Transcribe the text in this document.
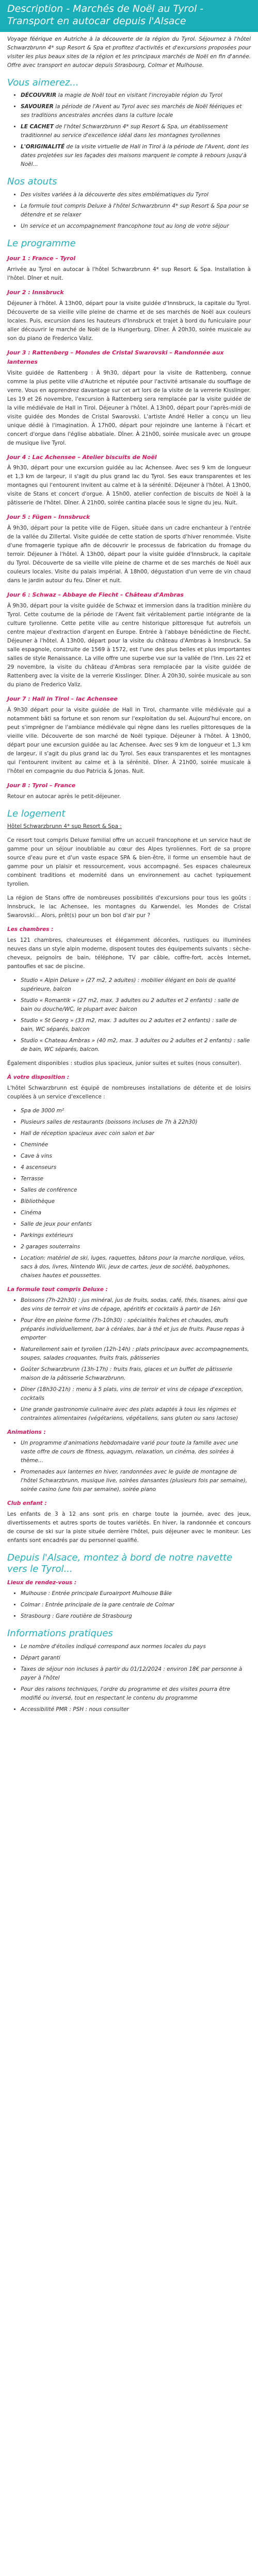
Description - Marchés de Noël au Tyrol - Transport en autocar depuis l'Alsace

Voyage féérique en Autriche à la découverte de la région du Tyrol. Séjournez à l'hôtel Schwarzbrunn 4* sup Resort & Spa et profitez d'activités et d'excursions proposées pour visiter les plus beaux sites de la région et les principaux marchés de Noël en fin d'année. Offre avec transport en autocar depuis Strasbourg, Colmar et Mulhouse.

Vous aimerez...
• DÉCOUVRIR la magie de Noël tout en visitant l'incroyable région du Tyrol
• SAVOURER la période de l'Avent au Tyrol avec ses marchés de Noël féériques et ses traditions ancestrales ancrées dans la culture locale
• LE CACHET de l'hôtel Schwarzbrunn 4* sup Resort & Spa, un établissement traditionnel au service d'excellence idéal dans les montagnes tyroliennes
• L'ORIGINALITÉ de la visite virtuelle de Hall in Tirol à la période de l'Avent, dont les dates projetées sur les façades des maisons marquent le compte à rebours jusqu'à Noël...
Nos atouts
• Des visites variées à la découverte des sites emblématiques du Tyrol
• La formule tout compris Deluxe à l'hôtel Schwarzbrunn 4* sup Resort & Spa pour se détendre et se relaxer
• Un service et un accompagnement francophone tout au long de votre séjour
Le programme
Jour 1 : France – Tyrol

Arrivée au Tyrol en autocar à l'hôtel Schwarzbrunn 4* sup Resort & Spa. Installation à l'hôtel. Dîner et nuit.

Jour 2 : Innsbruck

Déjeuner à l'hôtel. À 13h00, départ pour la visite guidée d'Innsbruck, la capitale du Tyrol. Découverte de sa vieille ville pleine de charme et de ses marchés de Noël aux couleurs locales. Puis, excursion dans les hauteurs d'Innsbruck et trajet à bord du funiculaire pour aller découvrir le marché de Noël de la Hungerburg. Dîner. À 20h30, soirée musicale au son du piano de Frederico Valiz.

Jour 3 : Rattenberg – Mondes de Cristal Swarovski – Randonnée aux lanternes

Visite guidée de Rattenberg : À 9h30, départ pour la visite de Rattenberg, connue comme la plus petite ville d'Autriche et réputée pour l'activité artisanale du soufflage de verre. Vous en apprendrez davantage sur cet art lors de la visite de la verrerie Kisslinger. Les 19 et 26 novembre, l'excursion à Rattenberg sera remplacée par la visite guidée de la ville médiévale de Hall in Tirol. Déjeuner à l'hôtel. À 13h00, départ pour l'après-midi de visite guidée des Mondes de Cristal Swarovski. L'artiste André Heller a conçu un lieu unique dédié à l'imagination. À 17h00, départ pour rejoindre une lanterne à l'écart et concert d'orgue dans l'église abbatiale. Dîner. À 21h00, soirée musicale avec un groupe de musique live Tyrol.

Jour 4 : Lac Achensee – Atelier biscuits de Noël

À 9h30, départ pour une excursion guidée au lac Achensee. Avec ses 9 km de longueur et 1,3 km de largeur, il s'agit du plus grand lac du Tyrol. Ses eaux transparentes et les montagnes qui l'entourent invitent au calme et à la sérénité. Déjeuner à l'hôtel. À 13h00, visite de Stans et concert d'orgue. À 15h00, atelier confection de biscuits de Noël à la pâtisserie de l'hôtel. Dîner. À 21h00, soirée cantina placée sous le signe du jeu. Nuit.

Jour 5 : Fügen – Innsbruck

À 9h30, départ pour la petite ville de Fügen, située dans un cadre enchanteur à l'entrée de la vallée du Zillertal. Visite guidée de cette station de sports d'hiver renommée. Visite d'une fromagerie typique afin de découvrir le processus de fabrication du fromage du terroir. Déjeuner à l'hôtel. À 13h00, départ pour la visite guidée d'Innsbruck, la capitale du Tyrol. Découverte de sa vieille ville pleine de charme et de ses marchés de Noël aux couleurs locales. Visite du palais impérial. À 18h00, dégustation d'un verre de vin chaud dans le jardin autour du feu. Dîner et nuit.

Jour 6 : Schwaz – Abbaye de Fiecht – Château d'Ambras

À 9h30, départ pour la visite guidée de Schwaz et immersion dans la tradition minière du Tyrol. Cette coutume de la période de l'Avent fait véritablement partie intégrante de la culture tyrolienne. Cette petite ville au centre historique pittoresque fut autrefois un centre majeur d'extraction d'argent en Europe. Entrée à l'abbaye bénédictine de Fiecht. Déjeuner à l'hôtel. À 13h00, départ pour la visite du château d'Ambras à Innsbruck. Sa salle espagnole, construite de 1569 à 1572, est l'une des plus belles et plus importantes salles de style Renaissance. La ville offre une superbe vue sur la vallée de l'Inn. Les 22 et 29 novembre, la visite du château d'Ambras sera remplacée par la visite guidée de Rattenberg avec la visite de la verrerie Kisslinger. Dîner. À 20h30, soirée musicale au son du piano de Frederico Valiz.

Jour 7 : Hall in Tirol – lac Achensee

À 9h30 départ pour la visite guidée de Hall in Tirol, charmante ville médiévale qui a notamment bâti sa fortune et son renom sur l'exploitation du sel. Aujourd'hui encore, on peut s'imprégner de l'ambiance médiévale qui règne dans les ruelles pittoresques de la vieille ville. Découverte de son marché de Noël typique. Déjeuner à l'hôtel. À 13h00, départ pour une excursion guidée au lac Achensee. Avec ses 9 km de longueur et 1,3 km de largeur, il s'agit du plus grand lac du Tyrol. Ses eaux transparentes et les montagnes qui l'entourent invitent au calme et à la sérénité. Dîner. À 21h00, soirée musicale à l'hôtel en compagnie du duo Patricia & Jonas. Nuit.

Jour 8 : Tyrol – France

Retour en autocar après le petit-déjeuner.

Le logement

Hôtel Schwarzbrunn 4* sup Resort & Spa :

Ce resort tout compris Deluxe familial offre un accueil francophone et un service haut de gamme pour un séjour inoubliable au cœur des Alpes tyroliennes. Fort de sa propre source d'eau pure et d'un vaste espace SPA & bien-être, il forme un ensemble haut de gamme pour un plaisir et ressourcement, vous accompagné. Ses espaces chaleureux combinent traditions et modernité dans un environnement au cachet typiquement tyrolien.

La région de Stans offre de nombreuses possibilités d'excursions pour tous les goûts : Innsbruck, le lac Achensee, les montagnes du Karwendel, les Mondes de Cristal Swarovski... Alors, prêt(s) pour un bon bol d'air pur ?

Les chambres :

Les 121 chambres, chaleureuses et élégamment décorées, rustiques ou illuminées neuves dans un style alpin moderne, disposent toutes des équipements suivants : sèche-cheveux, peignoirs de bain, téléphone, TV par câble, coffre-fort, accès Internet, pantoufles et sac de piscine.

• Studio « Alpin Deluxe » (27 m2, 2 adultes) : mobilier élégant en bois de qualité supérieure, balcon
• Studio « Romantik » (27 m2, max. 3 adultes ou 2 adultes et 2 enfants) : salle de bain ou douche/WC, le plupart avec balcon
• Studio « St Georg » (33 m2, max. 3 adultes ou 2 adultes et 2 enfants) : salle de bain, WC séparés, balcon
• Studio « Chateau Ambras » (40 m2, max. 3 adultes ou 2 adultes et 2 enfants) : salle de bain, WC séparés, balcon.

Également disponibles : studios plus spacieux, junior suites et suites (nous consulter).

À votre disposition :

L'hôtel Schwarzbrunn est équipé de nombreuses installations de détente et de loisirs couplées à un service d'excellence :

• Spa de 3000 m²
• Plusieurs salles de restaurants (boissons incluses de 7h à 22h30)
• Hall de réception spacieux avec coin salon et bar
• Cheminée
• Cave à vins
• 4 ascenseurs
• Terrasse
• Salles de conférence
• Bibliothèque
• Cinéma
• Salle de jeux pour enfants
• Parkings extérieurs
• 2 garages souterrains
• Location: matériel de ski, luges, raquettes, bâtons pour la marche nordique, vélos, sacs à dos, livres, Nintendo Wii, jeux de cartes, jeux de société, babyphones, chaises hautes et poussettes.
La formule tout compris Deluxe :
• Boissons (7h-22h30) : jus minéral, jus de fruits, sodas, café, thés, tisanes, ainsi que des vins de terroir et vins de cépage, apéritifs et cocktails à partir de 16h
• Pour être en pleine forme (7h-10h30) : spécialités fraîches et chaudes, œufs préparés individuellement, bar à céréales, bar à thé et jus de fruits. Pause repas à emporter
• Naturellement sain et tyrolien (12h-14h) : plats principaux avec accompagnements, soupes, salades croquantes, fruits frais, pâtisseries
• Goûter Schwarzbrunn (13h-17h) : fruits frais, glaces et un buffet de pâtisserie maison de la pâtisserie Schwarzbrunn.
• Dîner (18h30-21h) : menu à 5 plats, vins de terroir et vins de cépage d'exception, cocktails
• Une grande gastronomie culinaire avec des plats adaptés à tous les régimes et contraintes alimentaires (végétariens, végétaliens, sans gluten ou sans lactose)
Animations :
• Un programme d'animations hebdomadaire varié pour toute la famille avec une vaste offre de cours de fitness, aquagym, relaxation, un cinéma, des soirées à thème...
• Promenades aux lanternes en hiver, randonnées avec le guide de montagne de l'hôtel Schwarzbrunn, musique live, soirées dansantes (plusieurs fois par semaine), soirée casino (une fois par semaine), soirée piano
Club enfant :

Les enfants de 3 à 12 ans sont pris en charge toute la journée, avec des jeux, divertissements et autres sports de toutes variétés. En hiver, la randonnée et concours de course de ski sur la piste située derrière l'hôtel, puis déjeuner avec le moniteur. Les enfants sont encadrés par du personnel qualifié.

Depuis l'Alsace, montez à bord de notre navette vers le Tyrol...
Lieux de rendez-vous :
• Mulhouse : Entrée principale Euroairport Mulhouse Bâle
• Colmar : Entrée principale de la gare centrale de Colmar
• Strasbourg : Gare routière de Strasbourg
Informations pratiques
• Le nombre d'étoiles indiqué correspond aux normes locales du pays
• Départ garanti
• Taxes de séjour non incluses à partir du 01/12/2024 : environ 18€ par personne à payer à l'hôtel
• Pour des raisons techniques, l'ordre du programme et des visites pourra être modifié ou inversé, tout en respectant le contenu du programme
• Accessibilité PMR : PSH : nous consulter
